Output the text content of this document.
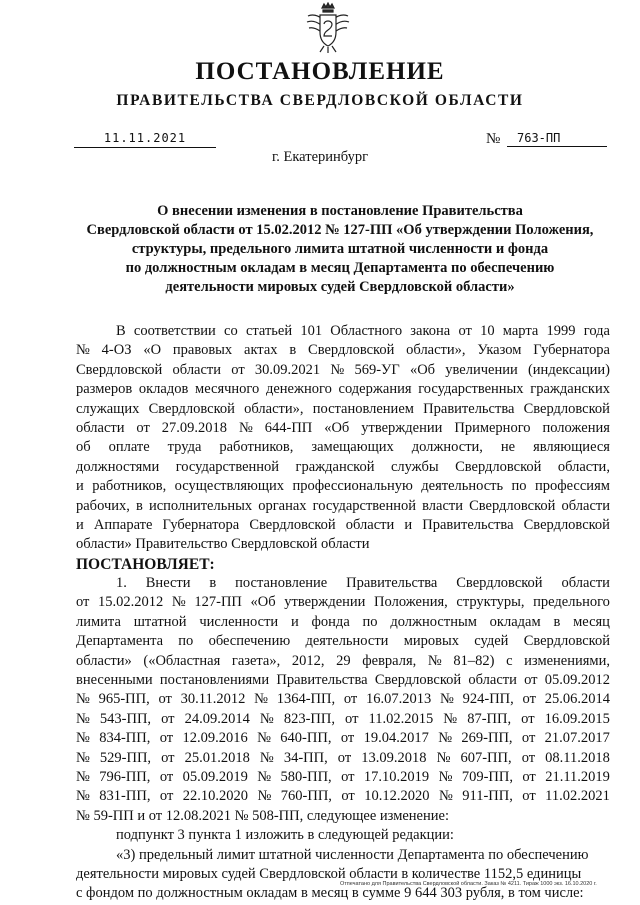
ПОСТАНОВЛЕНИЕ
ПРАВИТЕЛЬСТВА СВЕРДЛОВСКОЙ ОБЛАСТИ
11.11.2021	№	763-ПП
г. Екатеринбург
О внесении изменения в постановление Правительства
Свердловской области от 15.02.2012 № 127-ПП «Об утверждении Положения,
структуры, предельного лимита штатной численности и фонда
по должностным окладам в месяц Департамента по обеспечению
деятельности мировых судей Свердловской области»
В соответствии со статьей 101 Областного закона от 10 марта 1999 года
№ 4-ОЗ «О правовых актах в Свердловской области», Указом Губернатора
Свердловской области от 30.09.2021 № 569-УГ «Об увеличении (индексации)
размеров окладов месячного денежного содержания государственных гражданских
служащих Свердловской области», постановлением Правительства Свердловской
области от 27.09.2018 № 644-ПП «Об утверждении Примерного положения
об оплате труда работников, замещающих должности, не являющиеся
должностями государственной гражданской службы Свердловской области,
и работников, осуществляющих профессиональную деятельность по профессиям
рабочих, в исполнительных органах государственной власти Свердловской области
и Аппарате Губернатора Свердловской области и Правительства Свердловской
области» Правительство Свердловской области
ПОСТАНОВЛЯЕТ:
1. Внести в постановление Правительства Свердловской области
от 15.02.2012 № 127-ПП «Об утверждении Положения, структуры, предельного
лимита штатной численности и фонда по должностным окладам в месяц
Департамента по обеспечению деятельности мировых судей Свердловской
области» («Областная газета», 2012, 29 февраля, № 81–82) с изменениями,
внесенными постановлениями Правительства Свердловской области от 05.09.2012
№ 965-ПП, от 30.11.2012 № 1364-ПП, от 16.07.2013 № 924-ПП, от 25.06.2014
№ 543-ПП, от 24.09.2014 № 823-ПП, от 11.02.2015 № 87-ПП, от 16.09.2015
№ 834-ПП, от 12.09.2016 № 640-ПП, от 19.04.2017 № 269-ПП, от 21.07.2017
№ 529-ПП, от 25.01.2018 № 34-ПП, от 13.09.2018 № 607-ПП, от 08.11.2018
№ 796-ПП, от 05.09.2019 № 580-ПП, от 17.10.2019 № 709-ПП, от 21.11.2019
№ 831-ПП, от 22.10.2020 № 760-ПП, от 10.12.2020 № 911-ПП, от 11.02.2021
№ 59-ПП и от 12.08.2021 № 508-ПП, следующее изменение:
подпункт 3 пункта 1 изложить в следующей редакции:
«3) предельный лимит штатной численности Департамента по обеспечению
деятельности мировых судей Свердловской области в количестве 1152,5 единицы
с фондом по должностным окладам в месяц в сумме 9 644 303 рубля, в том числе:
Отпечатано для Правительства Свердловской области. Заказ № 4211. Тираж 1000 экз. 16.10.2020 г.
